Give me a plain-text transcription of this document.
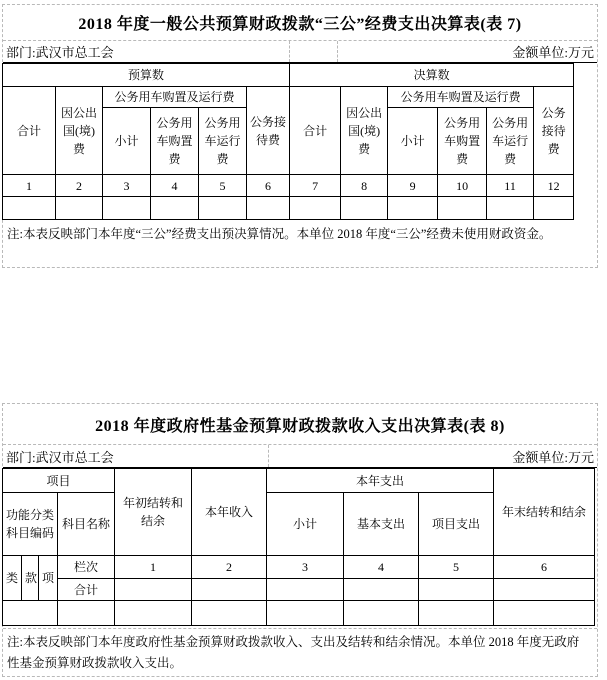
2018 年度一般公共预算财政拨款“三公”经费支出决算表(表 7)
部门:武汉市总工会	金额单位:万元
预算数						决算数					
合计	因公出国(境)费	公务用车购置及运行费			公务接待费	合计	因公出国(境)费	公务用车购置及运行费			公务接待费
		小计	公务用车购置费	公务用车运行费				小计	公务用车购置费	公务用车运行费	
1	2	3	4	5	6	7	8	9	10	11	12

注:本表反映部门本年度“三公”经费支出预决算情况。本单位 2018 年度“三公”经费未使用财政资金。
2018 年度政府性基金预算财政拨款收入支出决算表(表 8)
部门:武汉市总工会	金额单位:万元
项目				年初结转和结余	本年收入	本年支出			年末结转和结余
功能分类科目编码			科目名称			小计	基本支出	项目支出	
类	款	项	栏次	1	2	3	4	5	6
			合计						

注:本表反映部门本年度政府性基金预算财政拨款收入、支出及结转和结余情况。本单位 2018 年度无政府性基金预算财政拨款收入支出。
